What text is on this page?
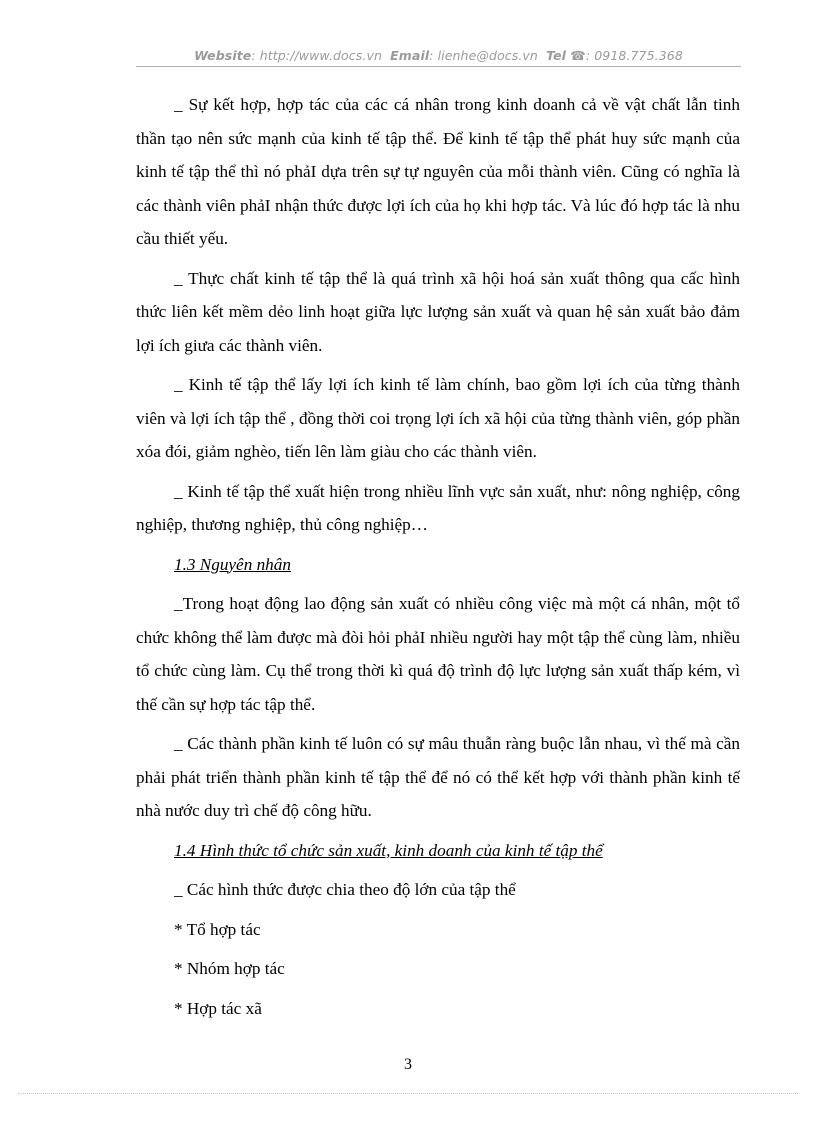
Website: http://www.docs.vn Email: lienhe@docs.vn Tel ☎: 0918.775.368

_ Sự kết hợp, hợp tác của các cá nhân trong kinh doanh cả về vật chất lẫn tinh thần tạo nên sức mạnh của kinh tế tập thể. Để kinh tế tập thể phát huy sức mạnh của kinh tế tập thể thì nó phảI dựa trên sự tự nguyên của mỗi thành viên. Cũng có nghĩa là các thành viên phảI nhận thức được lợi ích của họ khi hợp tác. Và lúc đó hợp tác là nhu cầu thiết yếu.

_ Thực chất kinh tế tập thể là quá trình xã hội hoá sản xuất thông qua cấc hình thức liên kết mềm dẻo linh hoạt giữa lực lượng sản xuất và quan hệ sản xuất bảo đảm lợi ích giưa các thành viên.

_ Kinh tế tập thể lấy lợi ích kinh tế làm chính, bao gồm lợi ích của từng thành viên và lợi ích tập thể , đồng thời coi trọng lợi ích xã hội của từng thành viên, góp phần xóa đói, giảm nghèo, tiến lên làm giàu cho các thành viên.

_ Kinh tế tập thể xuất hiện trong nhiều lĩnh vực sản xuất, như: nông nghiệp, công nghiệp, thương nghiệp, thủ công nghiệp…

1.3 Nguyên nhân

_Trong hoạt động lao động sản xuất có nhiều công việc mà một cá nhân, một tổ chức không thể làm được mà đòi hỏi phảI nhiều người hay một tập thể cùng làm, nhiều tổ chức cùng làm. Cụ thể trong thời kì quá độ trình độ lực lượng sản xuất thấp kém, vì thế cần sự hợp tác tập thể.

_ Các thành phần kinh tế luôn có sự mâu thuẫn ràng buộc lẫn nhau, vì thế mà cần phải phát triển thành phần kinh tế tập thể để nó có thể kết hợp với thành phần kinh tế nhà nước duy trì chế độ công hữu.

1.4 Hình thức tổ chức sản xuất, kinh doanh của kinh tế tập thể

_ Các hình thức được chia theo độ lớn của tập thể

* Tổ hợp tác

* Nhóm hợp tác

* Hợp tác xã

3
